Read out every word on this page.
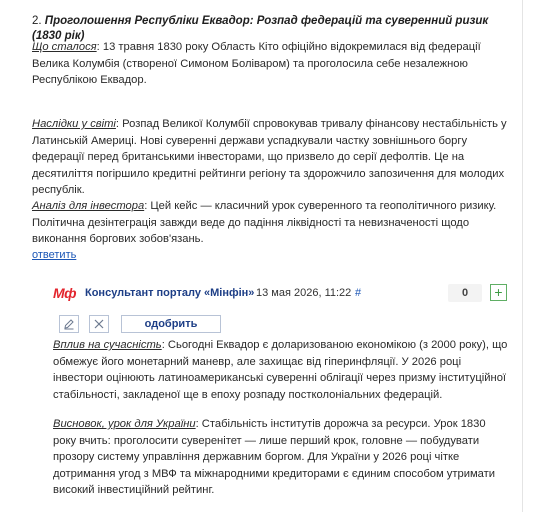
2. Проголошення Республіки Еквадор: Розпад федерацій та суверенний ризик (1830 рік)
Що сталося: 13 травня 1830 року Область Кіто офіційно відокремилася від федерації Велика Колумбія (створеної Симоном Боліваром) та проголосила себе незалежною Республікою Еквадор.
Наслідки у світі: Розпад Великої Колумбії спровокував тривалу фінансову нестабільність у Латинській Америці. Нові суверенні держави успадкували частку зовнішнього боргу федерації перед британськими інвесторами, що призвело до серії дефолтів. Це на десятиліття погіршило кредитні рейтинги регіону та здорожчило запозичення для молодих республік.
Аналіз для інвестора: Цей кейс — класичний урок суверенного та геополітичного ризику. Політична дезінтеграція завжди веде до падіння ліквідності та невизначеності щодо виконання боргових зобов'язань.
ответить
Мф Консультант порталу «Мінфін» 13 мая 2026, 11:22 #	0	+
одобрить
Вплив на сучасність: Сьогодні Еквадор є доларизованою економікою (з 2000 року), що обмежує його монетарний маневр, але захищає від гіперинфляції. У 2026 році інвестори оцінюють латиноамериканські суверенні облігації через призму інституційної стабільності, закладеної ще в епоху розпаду постколоніальних федерацій.
Висновок, урок для України: Стабільність інститутів дорожча за ресурси. Урок 1830 року вчить: проголосити суверенітет — лише перший крок, головне — побудувати прозору систему управління державним боргом. Для України у 2026 році чітке дотримання угод з МВФ та міжнародними кредиторами є єдиним способом утримати високий інвестиційний рейтинг.
